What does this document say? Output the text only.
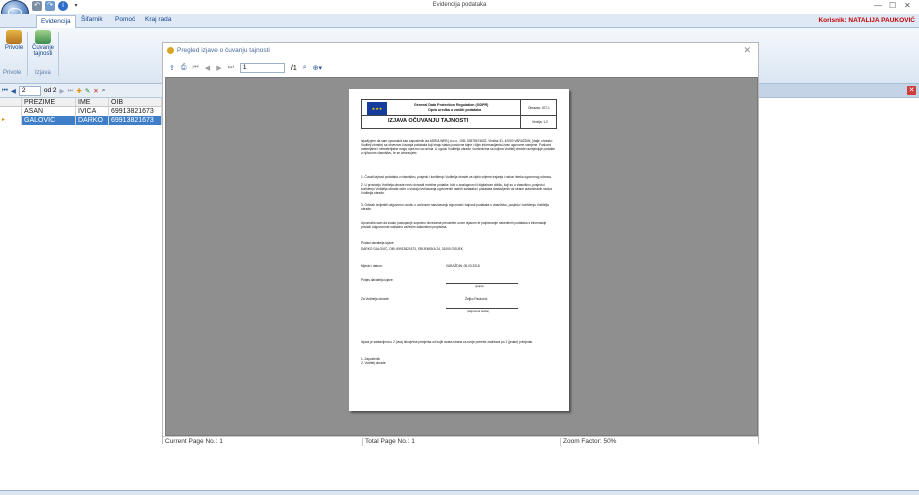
↶ ↷	i	▾	Evidencija podataka	— ☐ ✕
Evidencija	Šifarnik Pomoć Kraj rada	Korisnik: NATALIJA PAUKOVIĆ
Privole	Čuvanje tajnosti
Privole Izjava
⏮ ◀ 2	od 2 ▶ ⏭ ✚ ✎ ✕ ⌕
PREZIME	IME	OIB
ASAN	IVICA	69913821673
▸	GALOVIĆ	DARKO	69913821673
✕
Pregled izjave o čuvanju tajnosti	✕
⇪ ⎙ ⏮ ◀ ▶ ⏭	1	/1 ⌕ ⊕▾
★★★
General Data Protection Regulation (GDPR)
Opća uredba o zaštiti podataka	Obrazac: IOT-1
Verzija: 1.0
IZJAVA OČUVANJU TAJNOSTI
Izjavljujem da sam upoznat/a kao zaposlenik iza ADRIA WEB j.d.o.o., OIB: 53575674632, Vinička 31, 42000 VARAŽDIN, (dalje u tekstu: Voditelj obrade) sa obvezom čuvanja podataka koji imaju status poslovne tajne i čijim informacijama izvan ugovorne namjene. Poslovni materijalne i nematerijalne mogu oprezno sa onima. U ugodu Voditelja obrade i korisnicima sa kojima Voditelj obrade razmjenjuje podatke u njihovom vlasništvu, te se obvezujem:
1. Čuvati tajnost podataka u vlasništvu, posjedu i korištenju Voditelja obrade za cijelo vrijeme trajanja i nakon isteka ugovornog odnosa.
2. U prostoriju Voditelja obrade neću donositi mobilne podatke, bilo u analognom ili digitalnom obliku, koji su u vlasništvu, posjedu i korištenju Voditelja obrade osim u slučaju izvršavanja ugovorenih radnih zadataka i podataka dostavljenih od strane autoriziranih osoba Voditelja obrade.
3. Odmah izvijestiti odgovornu osobu o uočenom narušavanju sigurnosti i tajnosti podataka u vlasništvu, posjedu i korištenju Voditelja obrade.
Upoznat/a sam da svako postupanje suprotno obvezama preuzetim ovom izjavom te potpisivanje navedenih podataka s informacije povlači odgovornost sukladno važećim zakonskim propisima.
Podaci davatelja izjave:
DARKO GALOVIĆ, OIB: 69913821673, SRIJEMSKA 24, 31000 OSIJEK
Mjesto i datum:	VARAŽDIN, 05.03.2018
Potpis davatelja izjave:
(potpis)
Za Voditelja obrade:	Željko Pauković
(odgovorna osoba)
Izjava je sastavljena u 2 (dva) istovjetna primjerka od kojih svaka strana za svoje potrebe zadržava po 1 (jedan) primjerak.
1. Zaposlenik
2. Voditelj obrade
Current Page No.: 1	Total Page No.: 1	Zoom Factor: 50%
